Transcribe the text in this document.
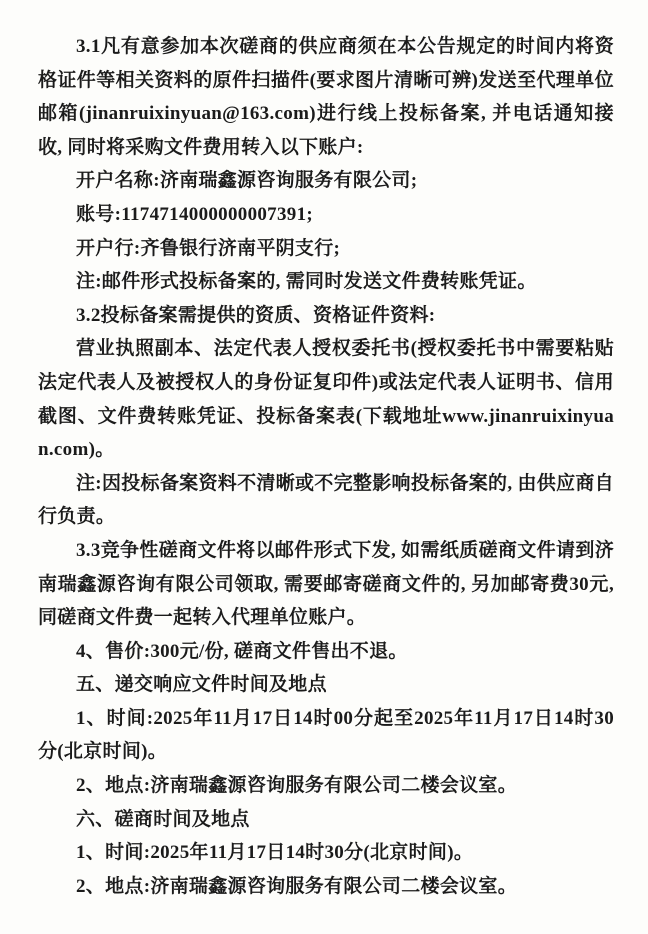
3.1凡有意参加本次磋商的供应商须在本公告规定的时间内将资格证件等相关资料的原件扫描件(要求图片清晰可辨)发送至代理单位邮箱(jinanruixinyuan@163.com)进行线上投标备案, 并电话通知接收, 同时将采购文件费用转入以下账户:

开户名称:济南瑞鑫源咨询服务有限公司;

账号:1174714000000007391;

开户行:齐鲁银行济南平阴支行;

注:邮件形式投标备案的, 需同时发送文件费转账凭证。

3.2投标备案需提供的资质、资格证件资料:

营业执照副本、法定代表人授权委托书(授权委托书中需要粘贴法定代表人及被授权人的身份证复印件)或法定代表人证明书、信用截图、文件费转账凭证、投标备案表(下载地址www.jinanruixinyuan.com)。

注:因投标备案资料不清晰或不完整影响投标备案的, 由供应商自行负责。

3.3竞争性磋商文件将以邮件形式下发, 如需纸质磋商文件请到济南瑞鑫源咨询有限公司领取, 需要邮寄磋商文件的, 另加邮寄费30元, 同磋商文件费一起转入代理单位账户。

4、售价:300元/份, 磋商文件售出不退。

五、递交响应文件时间及地点

1、时间:2025年11月17日14时00分起至2025年11月17日14时30分(北京时间)。

2、地点:济南瑞鑫源咨询服务有限公司二楼会议室。

六、磋商时间及地点

1、时间:2025年11月17日14时30分(北京时间)。

2、地点:济南瑞鑫源咨询服务有限公司二楼会议室。
